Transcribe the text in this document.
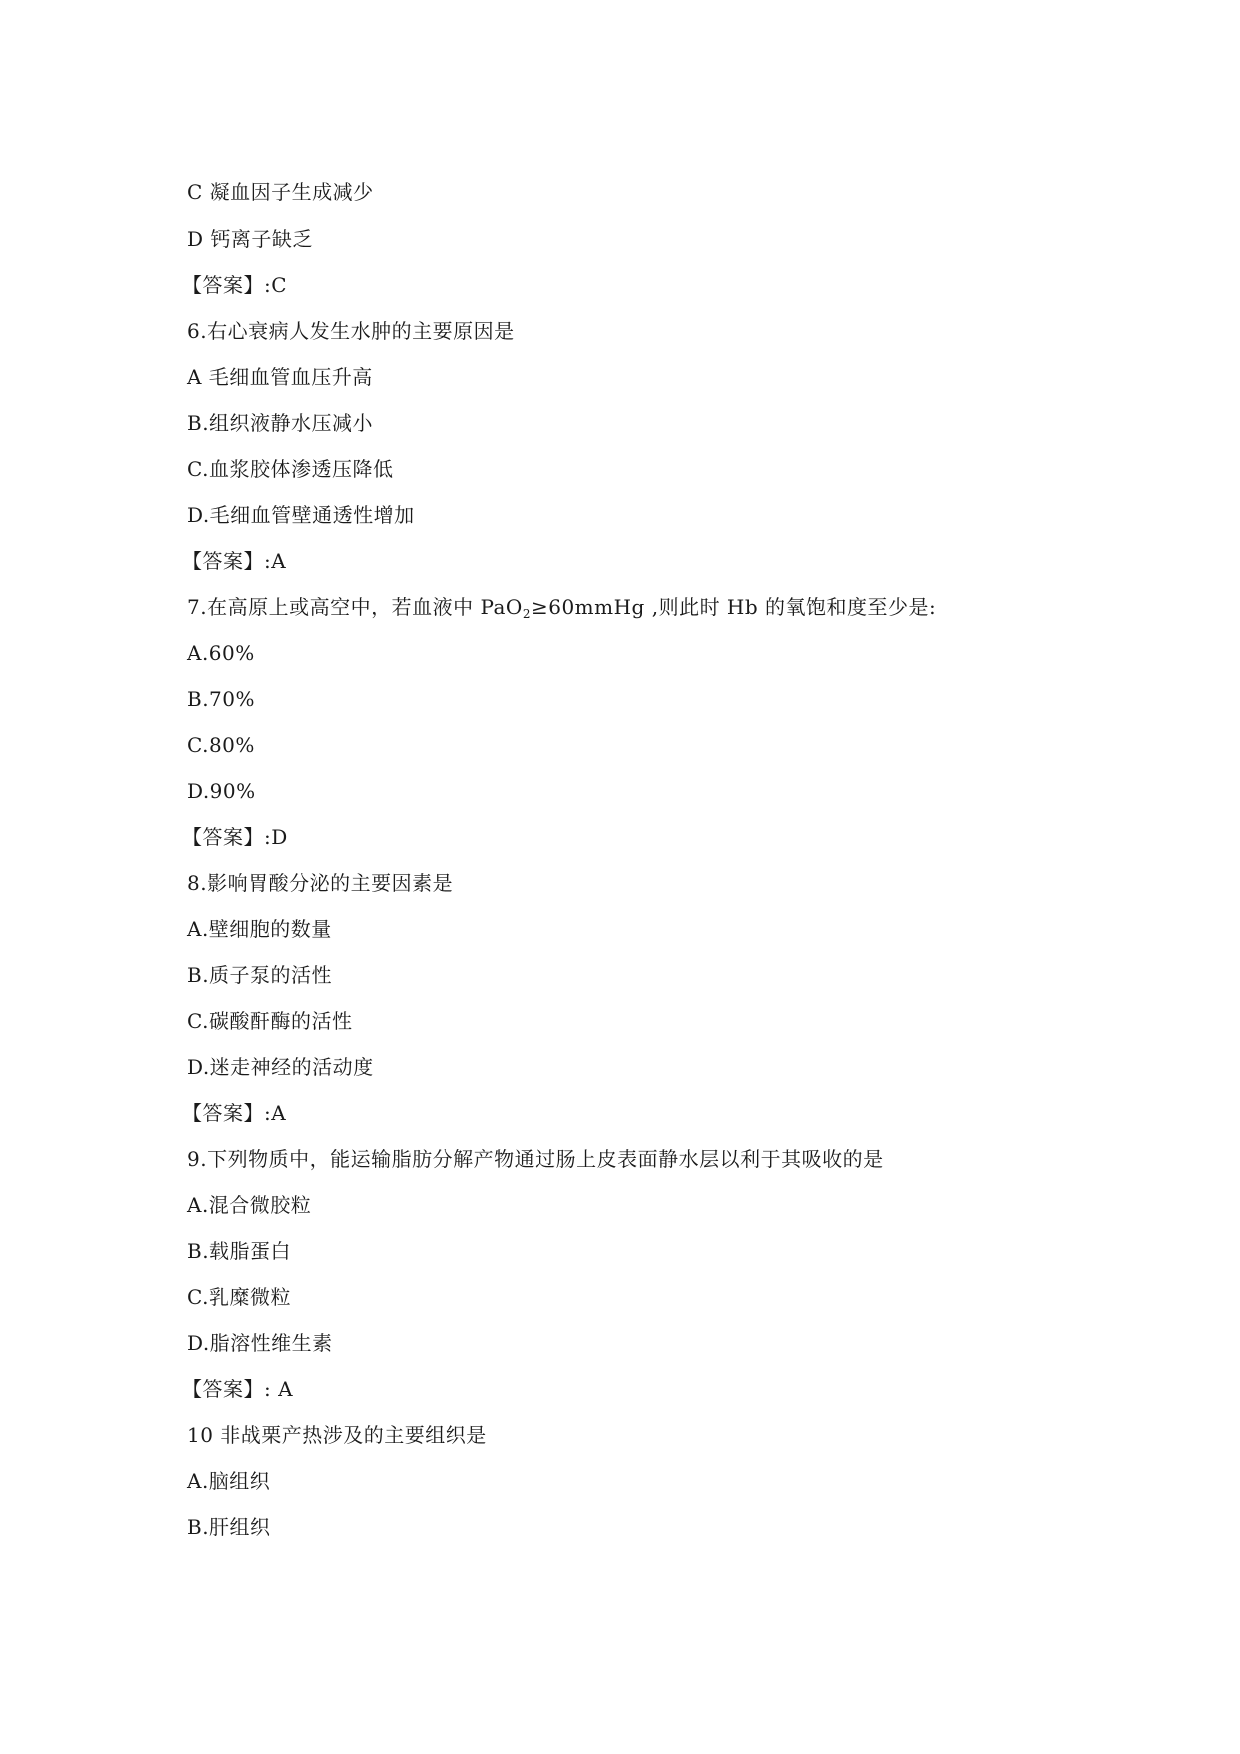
C 凝血因子生成减少
D 钙离子缺乏
【答案】:C
6.右心衰病人发生水肿的主要原因是
A 毛细血管血压升高
B.组织液静水压减小
C.血浆胶体渗透压降低
D.毛细血管壁通透性增加
【答案】:A
7.在高原上或高空中，若血液中 PaO$_2$≥60mmHg ,则此时 Hb 的氧饱和度至少是:
A.60%
B.70%
C.80%
D.90%
【答案】:D
8.影响胃酸分泌的主要因素是
A.壁细胞的数量
B.质子泵的活性
C.碳酸酐酶的活性
D.迷走神经的活动度
【答案】:A
9.下列物质中，能运输脂肪分解产物通过肠上皮表面静水层以利于其吸收的是
A.混合微胶粒
B.载脂蛋白
C.乳糜微粒
D.脂溶性维生素
【答案】: A
10 非战栗产热涉及的主要组织是
A.脑组织
B.肝组织
